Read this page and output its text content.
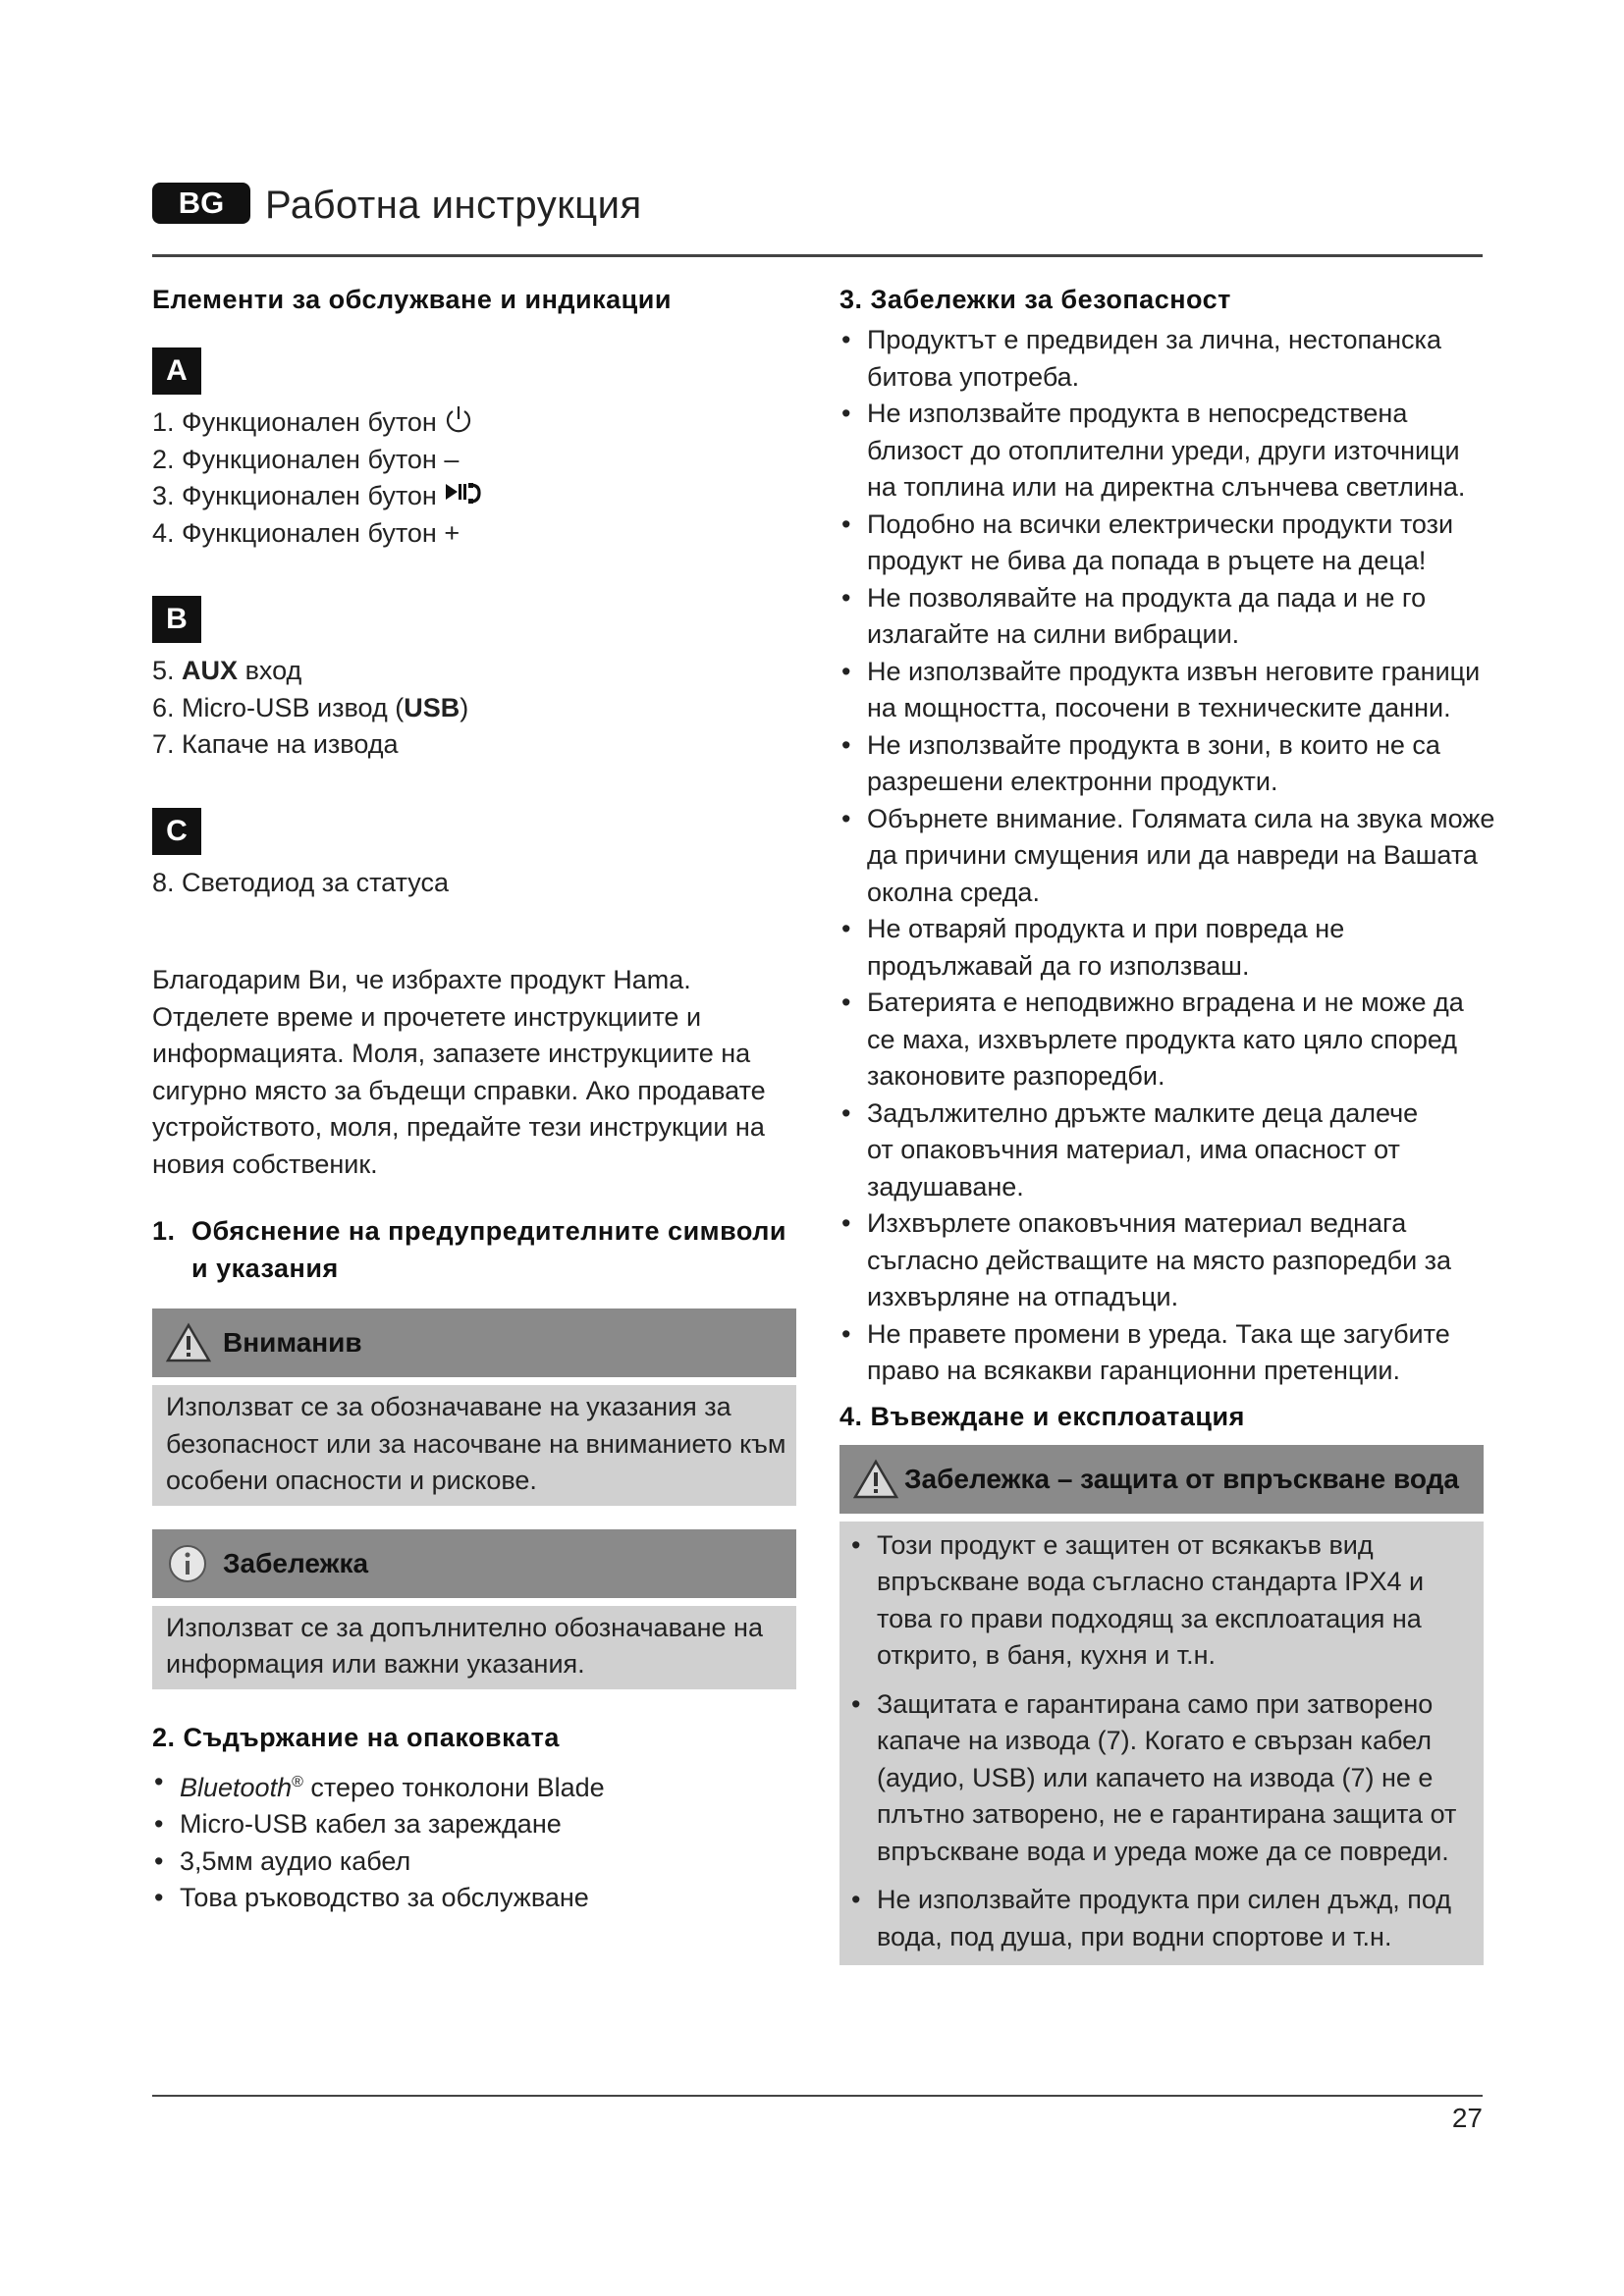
BG	Работна инструкция
Елементи за обслужване и индикации
A
1. Функционален бутон
2. Функционален бутон –
3. Функционален бутон
4. Функционален бутон +
B
5. AUX вход
6. Micro-USB извод (USB)
7. Капаче на извода
C
8. Светодиод за статуса
Благодарим Ви, че избрахте продукт Hama.
Отделете време и прочетете инструкциите и
информацията. Моля, запазете инструкциите на
сигурно място за бъдещи справки. Ако продавате
устройството, моля, предайте тези инструкции на
новия собственик.
1. Обяснение на предупредителните символи
и указания
Вниманив
Използват се за обозначаване на указания за
безопасност или за насочване на вниманието към
особени опасности и рискове.
Забележка
Използват се за допълнително обозначаване на
информация или важни указания.
2. Съдържание на опаковката
• Bluetooth® стерео тонколони Blade
• Micro-USB кабел за зареждане
• 3,5мм аудио кабел
• Това ръководство за обслужване
3. Забележки за безопасност
• Продуктът е предвиден за лична, нестопанска
битова употреба.
• Не използвайте продукта в непосредствена
близост до отоплителни уреди, други източници
на топлина или на директна слънчева светлина.
• Подобно на всички електрически продукти този
продукт не бива да попада в ръцете на деца!
• Не позволявайте на продукта да пада и не го
излагайте на силни вибрации.
• Не използвайте продукта извън неговите граници
на мощността, посочени в техническите данни.
• Не използвайте продукта в зони, в които не са
разрешени електронни продукти.
• Обърнете внимание. Голямата сила на звука може
да причини смущения или да навреди на Вашата
околна среда.
• Не отваряй продукта и при повреда не
продължавай да го използваш.
• Батерията е неподвижно вградена и не може да
се маха, изхвърлете продукта като цяло според
законовите разпоредби.
• Задължително дръжте малките деца далече
от опаковъчния материал, има опасност от
задушаване.
• Изхвърлете опаковъчния материал веднага
съгласно действащите на място разпоредби за
изхвърляне на отпадъци.
• Не правете промени в уреда. Така ще загубите
право на всякакви гаранционни претенции.
4. Въвеждане и експлоатация
Забележка – защита от впръскване вода
• Този продукт е защитен от всякакъв вид
впръскване вода съгласно стандарта IPX4 и
това го прави подходящ за експлоатация на
открито, в баня, кухня и т.н.
• Защитата е гарантирана само при затворено
капаче на извода (7). Когато е свързан кабел
(аудио, USB) или капачето на извода (7) не е
плътно затворено, не е гарантирана защита от
впръскване вода и уреда може да се повреди.
• Не използвайте продукта при силен дъжд, под
вода, под душа, при водни спортове и т.н.
27
